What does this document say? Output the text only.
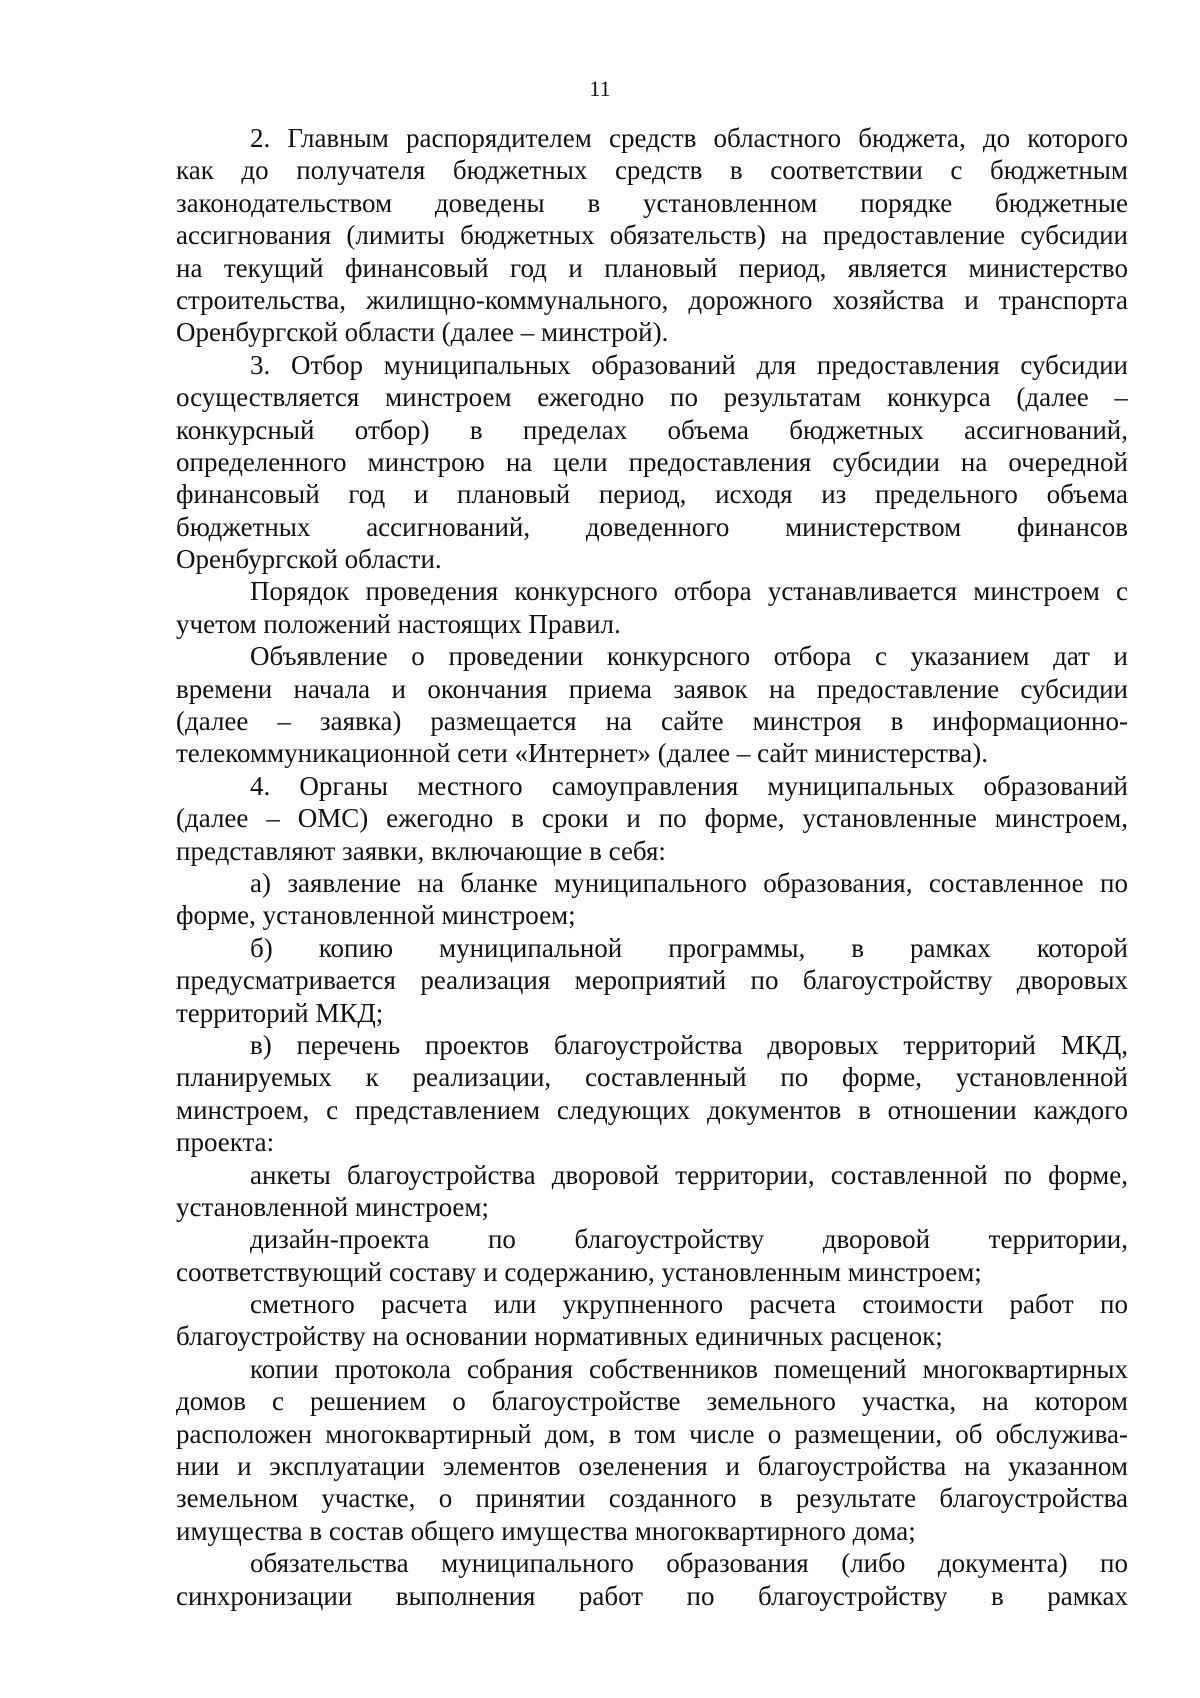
11
2. Главным распорядителем средств областного бюджета, до которого
как до получателя бюджетных средств в соответствии с бюджетным
законодательством доведены в установленном порядке бюджетные
ассигнования (лимиты бюджетных обязательств) на предоставление субсидии
на текущий финансовый год и плановый период, является министерство
строительства, жилищно-коммунального, дорожного хозяйства и транспорта
Оренбургской области (далее – минстрой).
3. Отбор муниципальных образований для предоставления субсидии
осуществляется минстроем ежегодно по результатам конкурса (далее –
конкурсный отбор) в пределах объема бюджетных ассигнований,
определенного минстрою на цели предоставления субсидии на очередной
финансовый год и плановый период, исходя из предельного объема
бюджетных ассигнований, доведенного министерством финансов
Оренбургской области.
Порядок проведения конкурсного отбора устанавливается минстроем с
учетом положений настоящих Правил.
Объявление о проведении конкурсного отбора с указанием дат и
времени начала и окончания приема заявок на предоставление субсидии
(далее – заявка) размещается на сайте минстроя в информационно-
телекоммуникационной сети «Интернет» (далее – сайт министерства).
4. Органы местного самоуправления муниципальных образований
(далее – ОМС) ежегодно в сроки и по форме, установленные минстроем,
представляют заявки, включающие в себя:
а) заявление на бланке муниципального образования, составленное по
форме, установленной минстроем;
б) копию муниципальной программы, в рамках которой
предусматривается реализация мероприятий по благоустройству дворовых
территорий МКД;
в) перечень проектов благоустройства дворовых территорий МКД,
планируемых к реализации, составленный по форме, установленной
минстроем, с представлением следующих документов в отношении каждого
проекта:
анкеты благоустройства дворовой территории, составленной по форме,
установленной минстроем;
дизайн-проекта по благоустройству дворовой территории,
соответствующий составу и содержанию, установленным минстроем;
сметного расчета или укрупненного расчета стоимости работ по
благоустройству на основании нормативных единичных расценок;
копии протокола собрания собственников помещений многоквартирных
домов с решением о благоустройстве земельного участка, на котором
расположен многоквартирный дом, в том числе о размещении, об обслужива-
нии и эксплуатации элементов озеленения и благоустройства на указанном
земельном участке, о принятии созданного в результате благоустройства
имущества в состав общего имущества многоквартирного дома;
обязательства муниципального образования (либо документа) по
синхронизации выполнения работ по благоустройству в рамках
